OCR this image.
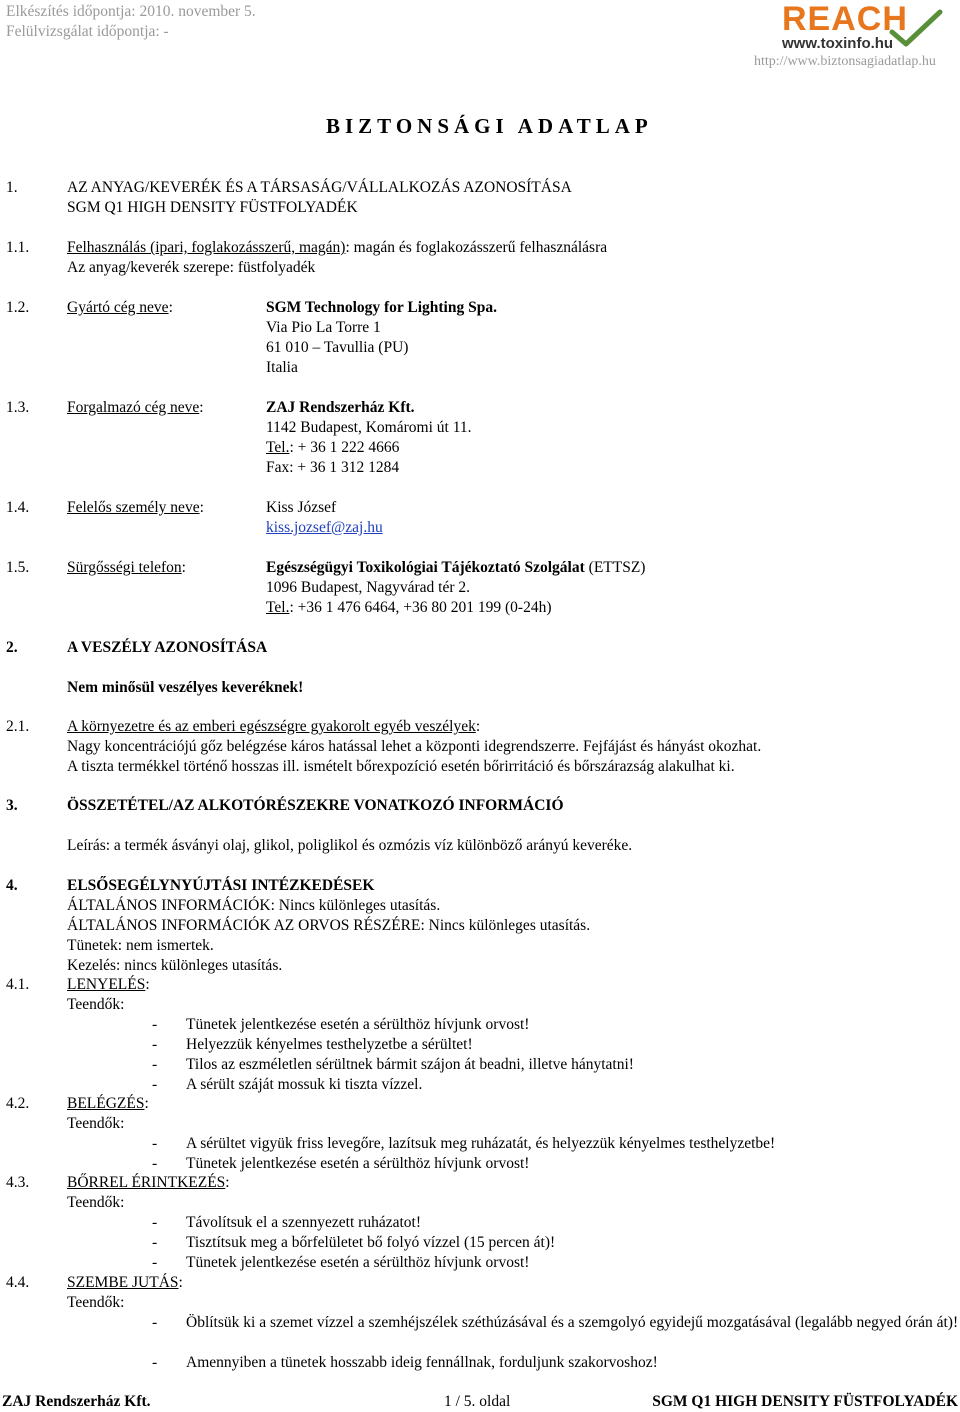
Elkészítés időpontja: 2010. november 5.
Felülvizsgálat időpontja: -	REACH
www.toxinfo.hu
http://www.biztonsagiadatlap.hu
BIZTONSÁGI ADATLAP
1.	AZ ANYAG/KEVERÉK ÉS A TÁRSASÁG/VÁLLALKOZÁS AZONOSÍTÁSA
SGM Q1 HIGH DENSITY FÜSTFOLYADÉK
1.1. Felhasználás (ipari, foglakozásszerű, magán): magán és foglakozásszerű felhasználásra
Az anyag/keverék szerepe: füstfolyadék
1.2. Gyártó cég neve:	SGM Technology for Lighting Spa.
Via Pio La Torre 1
61 010 – Tavullia (PU)
Italia
1.3. Forgalmazó cég neve:	ZAJ Rendszerház Kft.
1142 Budapest, Komáromi út 11.
Tel.: + 36 1 222 4666
Fax: + 36 1 312 1284
1.4. Felelős személy neve:	Kiss József
kiss.jozsef@zaj.hu
1.5. Sürgősségi telefon:	Egészségügyi Toxikológiai Tájékoztató Szolgálat (ETTSZ)
1096 Budapest, Nagyvárad tér 2.
Tel.: +36 1 476 6464, +36 80 201 199 (0-24h)
2.	A VESZÉLY AZONOSÍTÁSA
Nem minősül veszélyes keveréknek!
2.1. A környezetre és az emberi egészségre gyakorolt egyéb veszélyek:
Nagy koncentrációjú gőz belégzése káros hatással lehet a központi idegrendszerre. Fejfájást és hányást okozhat.
A tiszta termékkel történő hosszas ill. ismételt bőrexpozíció esetén bőrirritáció és bőrszárazság alakulhat ki.
3.	ÖSSZETÉTEL/AZ ALKOTÓRÉSZEKRE VONATKOZÓ INFORMÁCIÓ
Leírás: a termék ásványi olaj, glikol, poliglikol és ozmózis víz különböző arányú keveréke.
4.	ELSŐSEGÉLYNYÚJTÁSI INTÉZKEDÉSEK
ÁLTALÁNOS INFORMÁCIÓK: Nincs különleges utasítás.
ÁLTALÁNOS INFORMÁCIÓK AZ ORVOS RÉSZÉRE: Nincs különleges utasítás.
Tünetek: nem ismertek.
Kezelés: nincs különleges utasítás.
4.1. LENYELÉS:
Teendők:
- Tünetek jelentkezése esetén a sérülthöz hívjunk orvost!
- Helyezzük kényelmes testhelyzetbe a sérültet!
- Tilos az eszméletlen sérültnek bármit szájon át beadni, illetve hánytatni!
- A sérült száját mossuk ki tiszta vízzel.
4.2. BELÉGZÉS:
Teendők:
- A sérültet vigyük friss levegőre, lazítsuk meg ruházatát, és helyezzük kényelmes testhelyzetbe!
- Tünetek jelentkezése esetén a sérülthöz hívjunk orvost!
4.3. BŐRREL ÉRINTKEZÉS:
Teendők:
- Távolítsuk el a szennyezett ruházatot!
- Tisztítsuk meg a bőrfelületet bő folyó vízzel (15 percen át)!
- Tünetek jelentkezése esetén a sérülthöz hívjunk orvost!
4.4. SZEMBE JUTÁS:
Teendők:
- Öblítsük ki a szemet vízzel a szemhéjszélek széthúzásával és a szemgolyó egyidejű mozgatásával (legalább negyed órán át)!
- Amennyiben a tünetek hosszabb ideig fennállnak, forduljunk szakorvoshoz!
ZAJ Rendszerház Kft.	1 / 5. oldal	SGM Q1 HIGH DENSITY FÜSTFOLYADÉK
